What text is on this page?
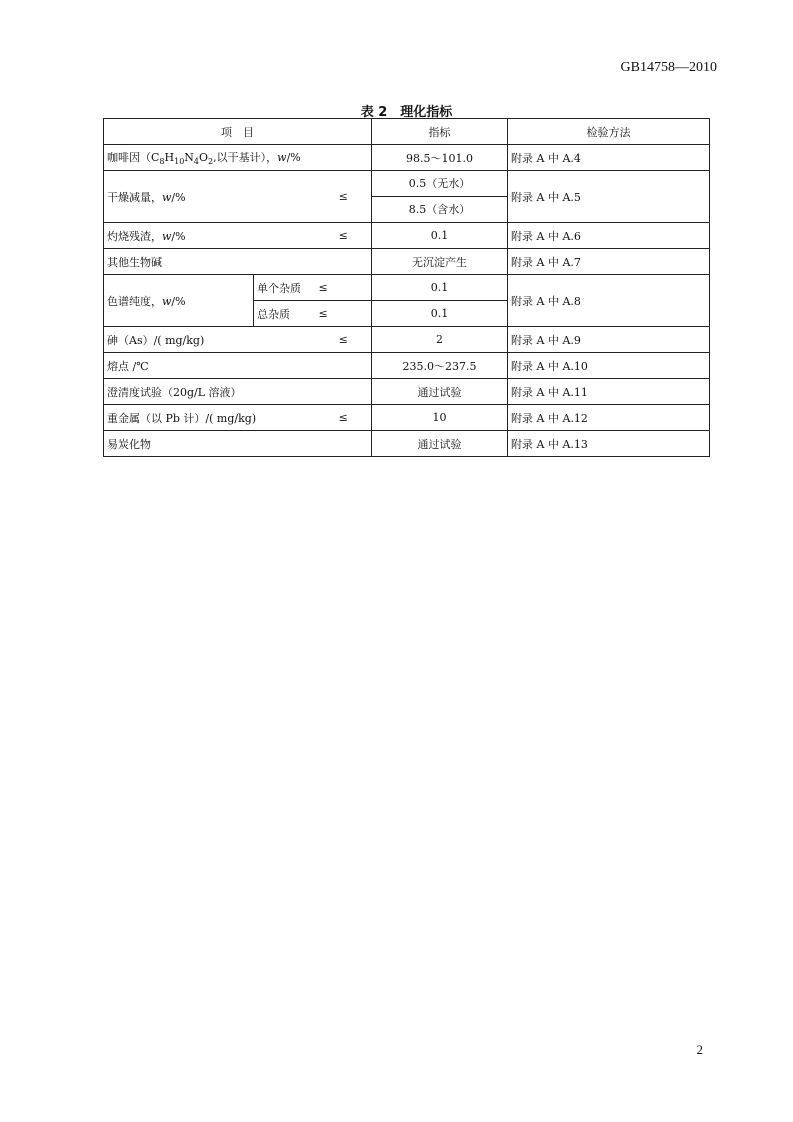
GB14758—2010
表 2　理化指标
项　目			指标	检验方法
咖啡因（$C_8H_{10}N_4O_2$,以干基计），w/%			98.5～101.0	附录 A 中 A.4
干燥减量，w/%		≤	0.5（无水）
8.5（含水）	附录 A 中 A.5
灼烧残渣，w/%		≤	0.1	附录 A 中 A.6
其他生物碱			无沉淀产生	附录 A 中 A.7
色谱纯度，w/%	单个杂质	≤	0.1	附录 A 中 A.8
	总杂质	≤	0.1	
砷（As）/( mg/kg)		≤	2	附录 A 中 A.9
熔点 /℃			235.0～237.5	附录 A 中 A.10
澄清度试验（20g/L 溶液）			通过试验	附录 A 中 A.11
重金属（以 Pb 计）/( mg/kg)		≤	10	附录 A 中 A.12
易炭化物			通过试验	附录 A 中 A.13
2
